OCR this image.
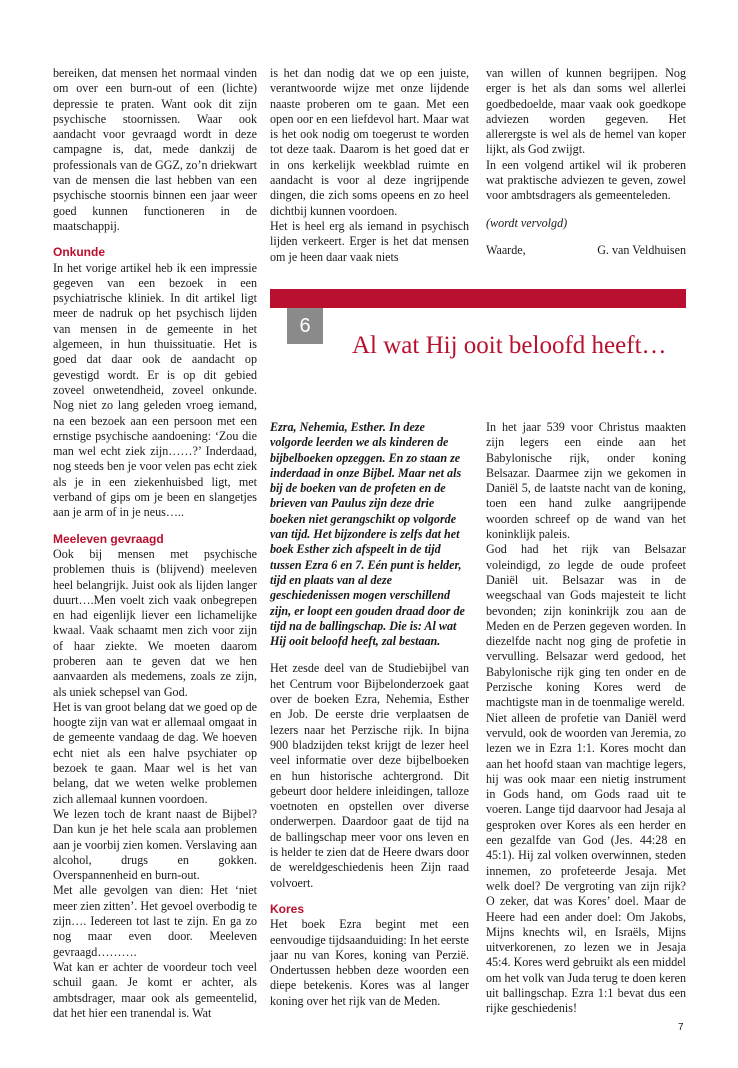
bereiken, dat mensen het normaal vinden om over een burn-out of een (lichte) depressie te praten. Want ook dit zijn psychische stoornissen. Waar ook aandacht voor gevraagd wordt in deze campagne is, dat, mede dankzij de professionals van de GGZ, zo’n driekwart van de mensen die last hebben van een psychische stoornis binnen een jaar weer goed kunnen functioneren in de maatschappij.

Onkunde

In het vorige artikel heb ik een impressie gegeven van een bezoek in een psychiatrische kliniek. In dit artikel ligt meer de nadruk op het psychisch lijden van mensen in de gemeente in het algemeen, in hun thuissituatie. Het is goed dat daar ook de aandacht op gevestigd wordt. Er is op dit gebied zoveel onwetendheid, zoveel onkunde. Nog niet zo lang geleden vroeg iemand, na een bezoek aan een persoon met een ernstige psychische aandoening: ‘Zou die man wel echt ziek zijn……?’ Inderdaad, nog steeds ben je voor velen pas echt ziek als je in een ziekenhuisbed ligt, met verband of gips om je been en slangetjes aan je arm of in je neus…..

Meeleven gevraagd

Ook bij mensen met psychische problemen thuis is (blijvend) meeleven heel belangrijk. Juist ook als lijden langer duurt….Men voelt zich vaak onbegrepen en had eigenlijk liever een lichamelijke kwaal. Vaak schaamt men zich voor zijn of haar ziekte. We moeten daarom proberen aan te geven dat we hen aanvaarden als medemens, zoals ze zijn, als uniek schepsel van God.

Het is van groot belang dat we goed op de hoogte zijn van wat er allemaal omgaat in de gemeente vandaag de dag. We hoeven echt niet als een halve psychiater op bezoek te gaan. Maar wel is het van belang, dat we weten welke problemen zich allemaal kunnen voordoen.

We lezen toch de krant naast de Bijbel? Dan kun je het hele scala aan problemen aan je voorbij zien komen. Verslaving aan alcohol, drugs en gokken. Overspannenheid en burn-out.

Met alle gevolgen van dien: Het ‘niet meer zien zitten’. Het gevoel overbodig te zijn…. Iedereen tot last te zijn. En ga zo nog maar even door. Meeleven gevraagd……….

Wat kan er achter de voordeur toch veel schuil gaan. Je komt er achter, als ambtsdrager, maar ook als gemeentelid, dat het hier een tranendal is. Wat

is het dan nodig dat we op een juiste, verantwoorde wijze met onze lijdende naaste proberen om te gaan. Met een open oor en een liefdevol hart. Maar wat is het ook nodig om toegerust te worden tot deze taak. Daarom is het goed dat er in ons kerkelijk weekblad ruimte en aandacht is voor al deze ingrijpende dingen, die zich soms opeens en zo heel dichtbij kunnen voordoen.

Het is heel erg als iemand in psychisch lijden verkeert. Erger is het dat mensen om je heen daar vaak niets

van willen of kunnen begrijpen. Nog erger is het als dan soms wel allerlei goedbedoelde, maar vaak ook goedkope adviezen worden gegeven. Het allerergste is wel als de hemel van koper lijkt, als God zwijgt.

In een volgend artikel wil ik proberen wat praktische adviezen te geven, zowel voor ambtsdragers als gemeenteleden.

(wordt vervolgd)

Waarde,	G. van Veldhuisen
6
Al wat Hij ooit beloofd heeft…

Ezra, Nehemia, Esther. In deze volgorde leerden we als kinderen de bijbelboeken opzeggen. En zo staan ze inderdaad in onze Bijbel. Maar net als bij de boeken van de profeten en de brieven van Paulus zijn deze drie boeken niet gerangschikt op volgorde van tijd. Het bijzondere is zelfs dat het boek Esther zich afspeelt in de tijd tussen Ezra 6 en 7. Eén punt is helder, tijd en plaats van al deze geschiedenissen mogen verschillend zijn, er loopt een gouden draad door de tijd na de ballingschap. Die is: Al wat Hij ooit beloofd heeft, zal bestaan.

Het zesde deel van de Studiebijbel van het Centrum voor Bijbelonderzoek gaat over de boeken Ezra, Nehemia, Esther en Job. De eerste drie verplaatsen de lezers naar het Perzische rijk. In bijna 900 bladzijden tekst krijgt de lezer heel veel informatie over deze bijbelboeken en hun historische achtergrond. Dit gebeurt door heldere inleidingen, talloze voetnoten en opstellen over diverse onderwerpen. Daardoor gaat de tijd na de ballingschap meer voor ons leven en is helder te zien dat de Heere dwars door de wereldgeschiedenis heen Zijn raad volvoert.

Kores

Het boek Ezra begint met een eenvoudige tijdsaanduiding: In het eerste jaar nu van Kores, koning van Perzië. Ondertussen hebben deze woorden een diepe betekenis. Kores was al langer koning over het rijk van de Meden.

In het jaar 539 voor Christus maakten zijn legers een einde aan het Babylonische rijk, onder koning Belsazar. Daarmee zijn we gekomen in Daniël 5, de laatste nacht van de koning, toen een hand zulke aangrijpende woorden schreef op de wand van het koninklijk paleis.

God had het rijk van Belsazar voleindigd, zo legde de oude profeet Daniël uit. Belsazar was in de weegschaal van Gods majesteit te licht bevonden; zijn koninkrijk zou aan de Meden en de Perzen gegeven worden. In diezelfde nacht nog ging de profetie in vervulling. Belsazar werd gedood, het Babylonische rijk ging ten onder en de Perzische koning Kores werd de machtigste man in de toenmalige wereld.

Niet alleen de profetie van Daniël werd vervuld, ook de woorden van Jeremia, zo lezen we in Ezra 1:1. Kores mocht dan aan het hoofd staan van machtige legers, hij was ook maar een nietig instrument in Gods hand, om Gods raad uit te voeren. Lange tijd daarvoor had Jesaja al gesproken over Kores als een herder en een gezalfde van God (Jes. 44:28 en 45:1). Hij zal volken overwinnen, steden innemen, zo profeteerde Jesaja. Met welk doel? De vergroting van zijn rijk? O zeker, dat was Kores’ doel. Maar de Heere had een ander doel: Om Jakobs, Mijns knechts wil, en Israëls, Mijns uitverkorenen, zo lezen we in Jesaja 45:4. Kores werd gebruikt als een middel om het volk van Juda terug te doen keren uit ballingschap. Ezra 1:1 bevat dus een rijke geschiedenis!

7
